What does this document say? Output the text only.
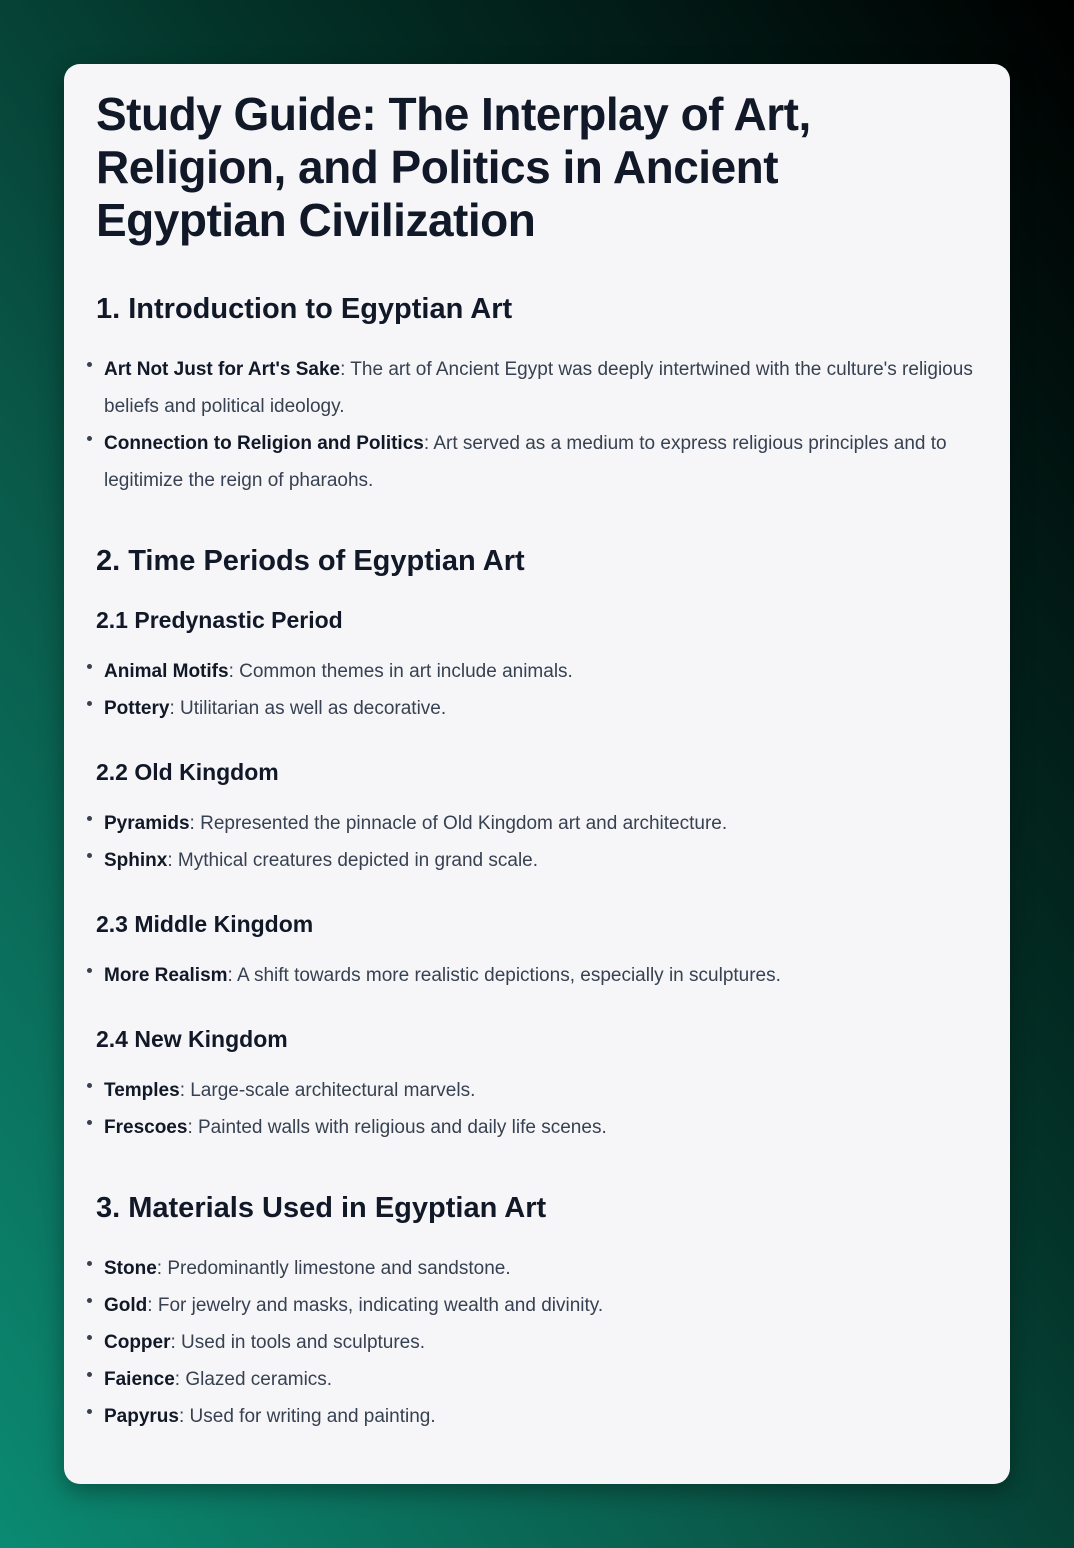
Study Guide: The Interplay of Art, Religion, and Politics in Ancient Egyptian Civilization
1. Introduction to Egyptian Art
Art Not Just for Art's Sake: The art of Ancient Egypt was deeply intertwined with the culture's religious beliefs and political ideology.
Connection to Religion and Politics: Art served as a medium to express religious principles and to legitimize the reign of pharaohs.
2. Time Periods of Egyptian Art
2.1 Predynastic Period
Animal Motifs: Common themes in art include animals.
Pottery: Utilitarian as well as decorative.
2.2 Old Kingdom
Pyramids: Represented the pinnacle of Old Kingdom art and architecture.
Sphinx: Mythical creatures depicted in grand scale.
2.3 Middle Kingdom
More Realism: A shift towards more realistic depictions, especially in sculptures.
2.4 New Kingdom
Temples: Large-scale architectural marvels.
Frescoes: Painted walls with religious and daily life scenes.
3. Materials Used in Egyptian Art
Stone: Predominantly limestone and sandstone.
Gold: For jewelry and masks, indicating wealth and divinity.
Copper: Used in tools and sculptures.
Faience: Glazed ceramics.
Papyrus: Used for writing and painting.
